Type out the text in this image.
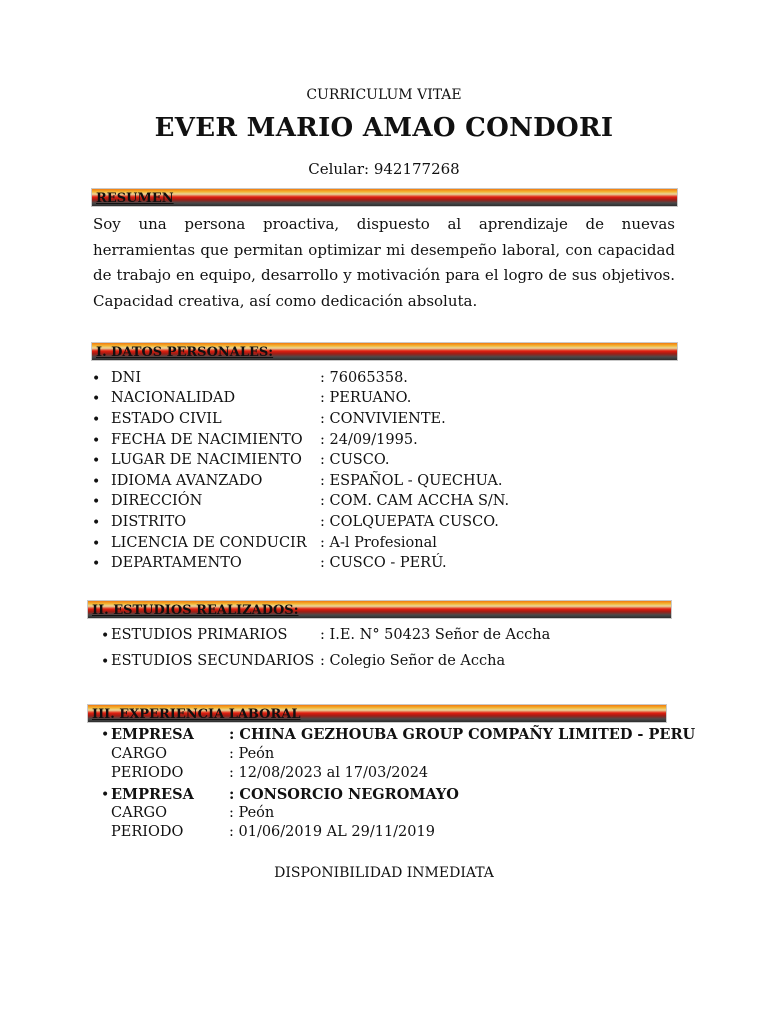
CURRICULUM VITAE
EVER MARIO AMAO CONDORI
Celular: 942177268
RESUMEN

Soy una persona proactiva, dispuesto al aprendizaje de nuevas herramientas que permitan optimizar mi desempeño laboral, con capacidad de trabajo en equipo, desarrollo y motivación para el logro de sus objetivos. Capacidad creativa, así como dedicación absoluta.

I. DATOS PERSONALES:
• DNI	: 76065358.
• NACIONALIDAD	: PERUANO.
• ESTADO CIVIL	: CONVIVIENTE.
• FECHA DE NACIMIENTO : 24/09/1995.
• LUGAR DE NACIMIENTO : CUSCO.
• IDIOMA AVANZADO	: ESPAÑOL - QUECHUA.
• DIRECCIÓN	: COM. CAM ACCHA S/N.
• DISTRITO	: COLQUEPATA CUSCO.
• LICENCIA DE CONDUCIR : A-l Profesional
• DEPARTAMENTO	: CUSCO - PERÚ.
II. ESTUDIOS REALIZADOS:
• ESTUDIOS PRIMARIOS : I.E. N° 50423 Señor de Accha
• ESTUDIOS SECUNDARIOS : Colegio Señor de Accha
III. EXPERIENCIA LABORAL
• EMPRESA : CHINA GEZHOUBA GROUP COMPAÑY LIMITED - PERU
CARGO	: Peón
PERIODO	: 12/08/2023 al 17/03/2024
• EMPRESA : CONSORCIO NEGROMAYO
CARGO	: Peón
PERIODO	: 01/06/2019 AL 29/11/2019
DISPONIBILIDAD INMEDIATA
